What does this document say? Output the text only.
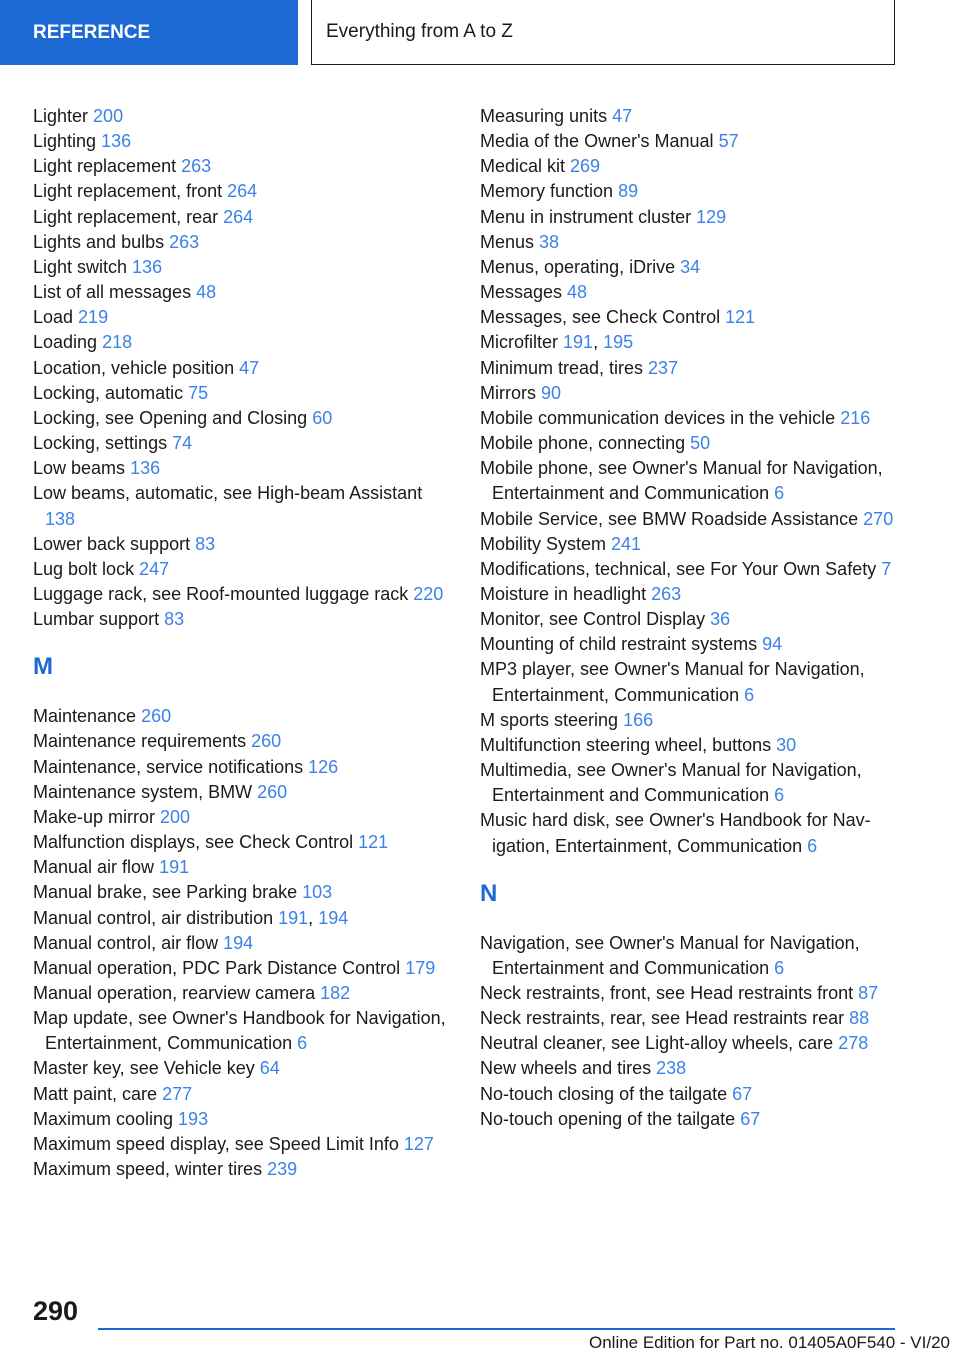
REFERENCE	Everything from A to Z
Lighter 200
Lighting 136
Light replacement 263
Light replacement, front 264
Light replacement, rear 264
Lights and bulbs 263
Light switch 136
List of all messages 48
Load 219
Loading 218
Location, vehicle position 47
Locking, automatic 75
Locking, see Opening and Closing 60
Locking, settings 74
Low beams 136
Low beams, automatic, see High-beam Assistant 138
Lower back support 83
Lug bolt lock 247
Luggage rack, see Roof-mounted luggage rack 220
Lumbar support 83
M
Maintenance 260
Maintenance requirements 260
Maintenance, service notifications 126
Maintenance system, BMW 260
Make-up mirror 200
Malfunction displays, see Check Control 121
Manual air flow 191
Manual brake, see Parking brake 103
Manual control, air distribution 191, 194
Manual control, air flow 194
Manual operation, PDC Park Distance Control 179
Manual operation, rearview camera 182
Map update, see Owner's Handbook for Navigation, Entertainment, Communication 6
Master key, see Vehicle key 64
Matt paint, care 277
Maximum cooling 193
Maximum speed display, see Speed Limit Info 127
Maximum speed, winter tires 239
Measuring units 47
Media of the Owner's Manual 57
Medical kit 269
Memory function 89
Menu in instrument cluster 129
Menus 38
Menus, operating, iDrive 34
Messages 48
Messages, see Check Control 121
Microfilter 191, 195
Minimum tread, tires 237
Mirrors 90
Mobile communication devices in the vehicle 216
Mobile phone, connecting 50
Mobile phone, see Owner's Manual for Navigation, Entertainment and Communication 6
Mobile Service, see BMW Roadside Assistance 270
Mobility System 241
Modifications, technical, see For Your Own Safety 7
Moisture in headlight 263
Monitor, see Control Display 36
Mounting of child restraint systems 94
MP3 player, see Owner's Manual for Navigation, Entertainment, Communication 6
M sports steering 166
Multifunction steering wheel, buttons 30
Multimedia, see Owner's Manual for Navigation, Entertainment and Communication 6
Music hard disk, see Owner's Handbook for Navigation, Entertainment, Communication 6
N
Navigation, see Owner's Manual for Navigation, Entertainment and Communication 6
Neck restraints, front, see Head restraints front 87
Neck restraints, rear, see Head restraints rear 88
Neutral cleaner, see Light-alloy wheels, care 278
New wheels and tires 238
No-touch closing of the tailgate 67
No-touch opening of the tailgate 67
290
Online Edition for Part no. 01405A0F540 - VI/20
